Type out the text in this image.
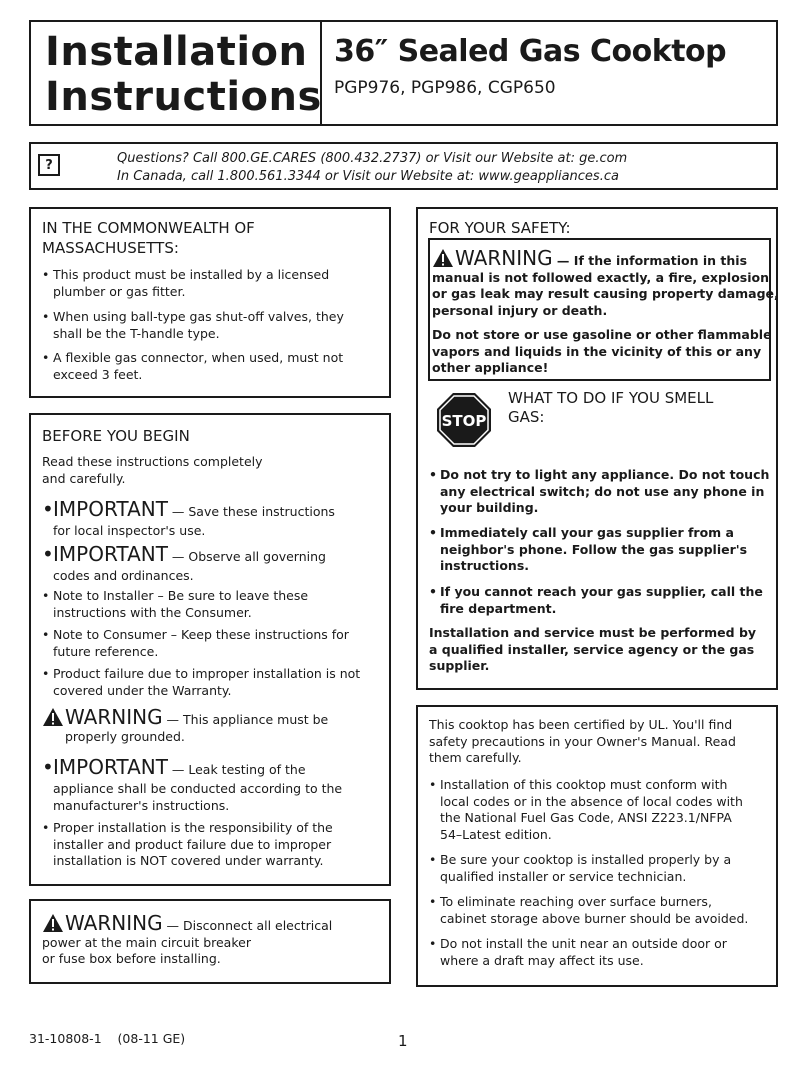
Installation
Instructions
36″ Sealed Gas Cooktop
PGP976, PGP986, CGP650
?	Questions? Call 800.GE.CARES (800.432.2737) or Visit our Website at: ge.com
In Canada, call 1.800.561.3344 or Visit our Website at: www.geappliances.ca
IN THE COMMONWEALTH OF
MASSACHUSETTS:
• This product must be installed by a licensed
plumber or gas fitter.
• When using ball-type gas shut-off valves, they
shall be the T-handle type.
• A flexible gas connector, when used, must not
exceed 3 feet.
BEFORE YOU BEGIN
Read these instructions completely
and carefully.
• IMPORTANT — Save these instructions
for local inspector's use.
• IMPORTANT — Observe all governing
codes and ordinances.
• Note to Installer – Be sure to leave these
instructions with the Consumer.
• Note to Consumer – Keep these instructions for
future reference.
• Product failure due to improper installation is not
covered under the Warranty.
WARNING — This appliance must be
properly grounded.
• IMPORTANT — Leak testing of the
appliance shall be conducted according to the
manufacturer's instructions.
• Proper installation is the responsibility of the
installer and product failure due to improper
installation is NOT covered under warranty.
WARNING — Disconnect all electrical
power at the main circuit breaker
or fuse box before installing.
FOR YOUR SAFETY:
WARNING — If the information in this
manual is not followed exactly, a fire, explosion
or gas leak may result causing property damage,
personal injury or death.
Do not store or use gasoline or other flammable
vapors and liquids in the vicinity of this or any
other appliance!
STOP
WHAT TO DO IF YOU SMELL
GAS:
• Do not try to light any appliance. Do not touch
any electrical switch; do not use any phone in
your building.
• Immediately call your gas supplier from a
neighbor's phone. Follow the gas supplier's
instructions.
• If you cannot reach your gas supplier, call the
fire department.
Installation and service must be performed by
a qualified installer, service agency or the gas
supplier.
This cooktop has been certified by UL. You'll find
safety precautions in your Owner's Manual. Read
them carefully.
• Installation of this cooktop must conform with
local codes or in the absence of local codes with
the National Fuel Gas Code, ANSI Z223.1/NFPA
54–Latest edition.
• Be sure your cooktop is installed properly by a
qualified installer or service technician.
• To eliminate reaching over surface burners,
cabinet storage above burner should be avoided.
• Do not install the unit near an outside door or
where a draft may affect its use.
31-10808-1    (08-11 GE)	1
